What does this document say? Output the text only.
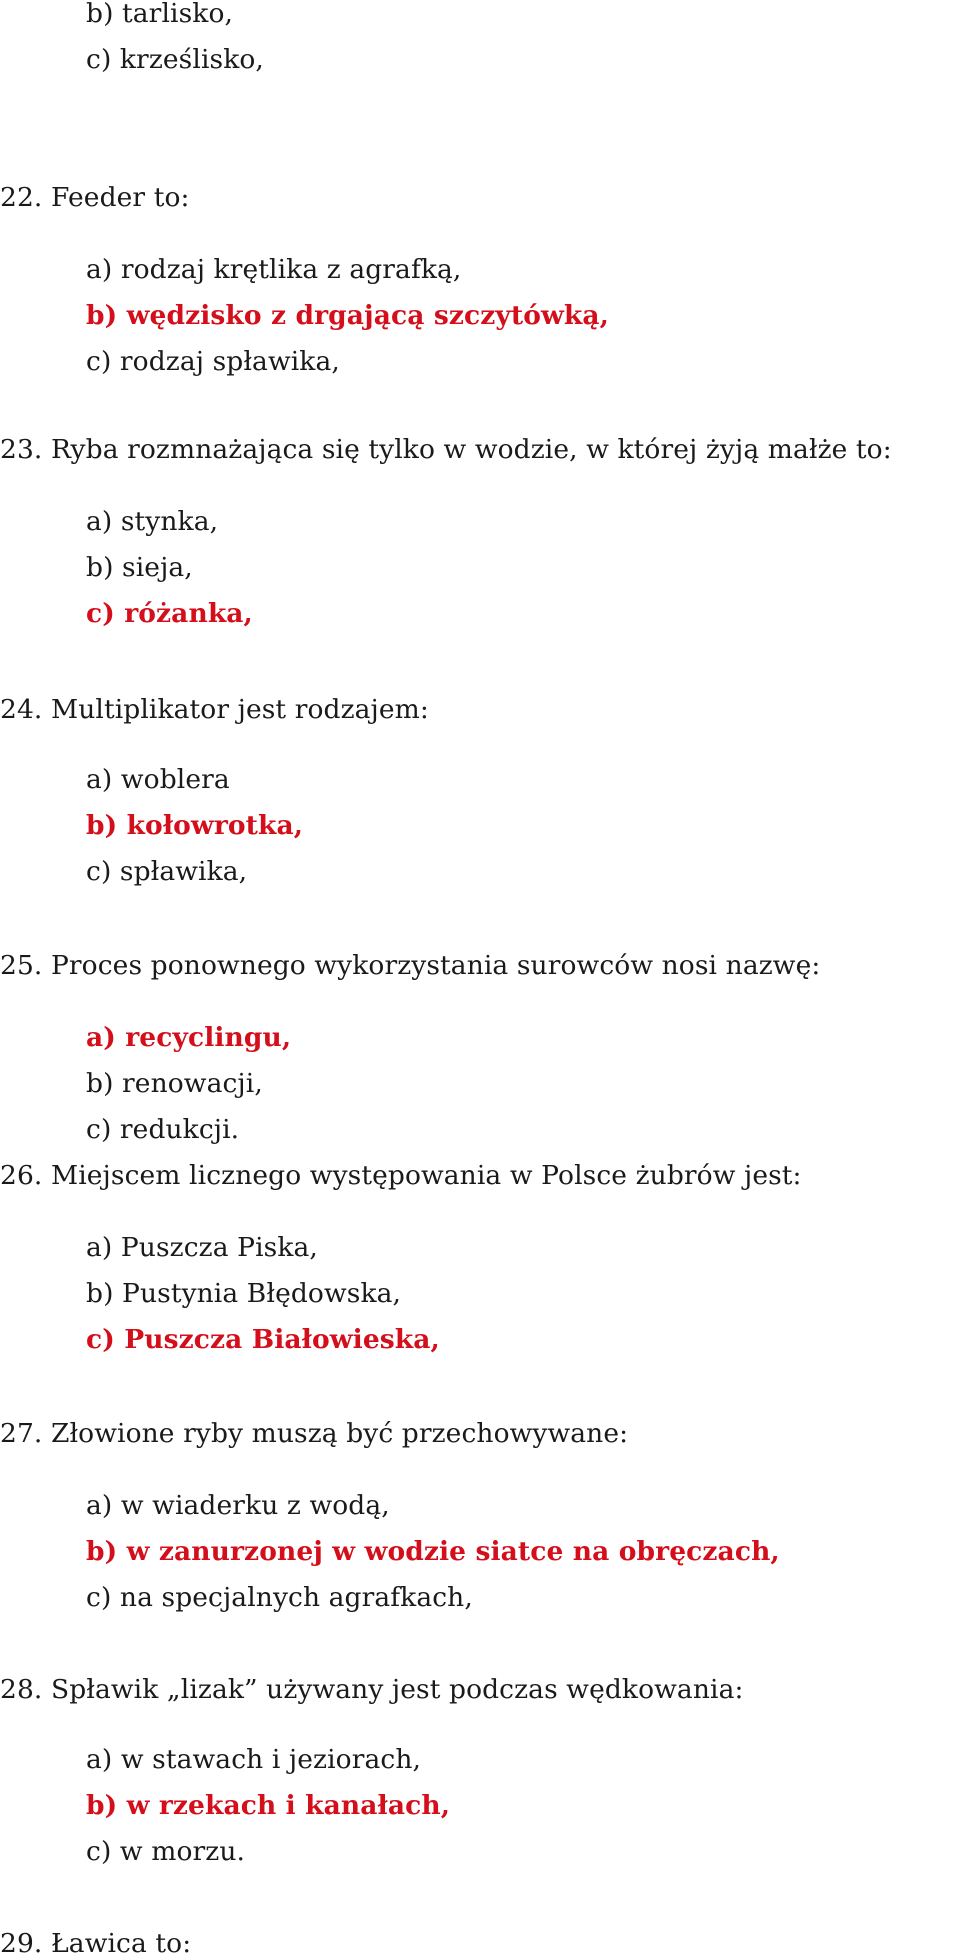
b) tarlisko,
c) krześlisko,
22. Feeder to:
a) rodzaj krętlika z agrafką,
b) wędzisko z drgającą szczytówką,
c) rodzaj spławika,
23. Ryba rozmnażająca się tylko w wodzie, w której żyją małże to:
a) stynka,
b) sieja,
c) różanka,
24. Multiplikator jest rodzajem:
a) woblera
b) kołowrotka,
c) spławika,
25. Proces ponownego wykorzystania surowców nosi nazwę:
a) recyclingu,
b) renowacji,
c) redukcji.
26. Miejscem licznego występowania w Polsce żubrów jest:
a) Puszcza Piska,
b) Pustynia Błędowska,
c) Puszcza Białowieska,
27. Złowione ryby muszą być przechowywane:
a) w wiaderku z wodą,
b) w zanurzonej w wodzie siatce na obręczach,
c) na specjalnych agrafkach,
28. Spławik „lizak” używany jest podczas wędkowania:
a) w stawach i jeziorach,
b) w rzekach i kanałach,
c) w morzu.
29. Ławica to:
